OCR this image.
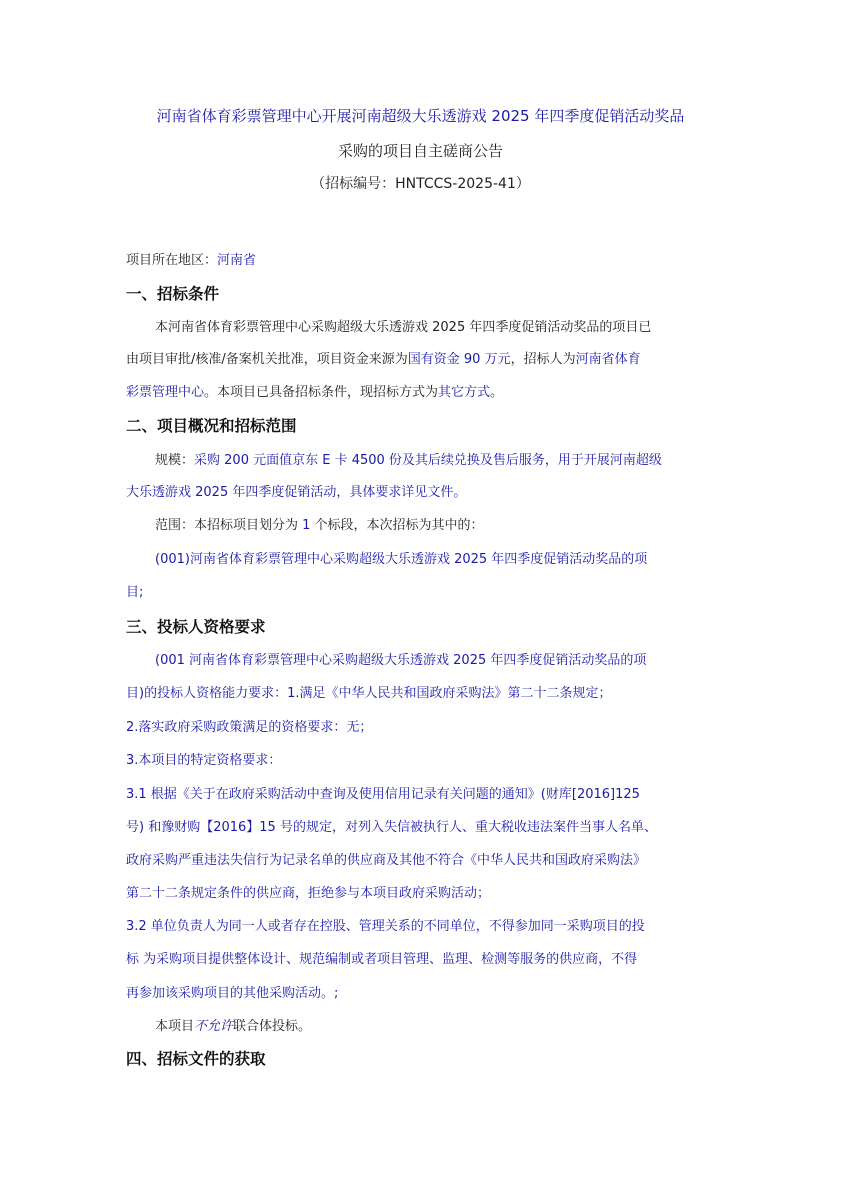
河南省体育彩票管理中心开展河南超级大乐透游戏 2025 年四季度促销活动奖品
采购的项目自主磋商公告
（招标编号：HNTCCS-2025-41）
项目所在地区：河南省
一、招标条件
本河南省体育彩票管理中心采购超级大乐透游戏 2025 年四季度促销活动奖品的项目已
由项目审批/核准/备案机关批准，项目资金来源为国有资金 90 万元，招标人为河南省体育
彩票管理中心。本项目已具备招标条件，现招标方式为其它方式。
二、项目概况和招标范围
规模：采购 200 元面值京东 E 卡 4500 份及其后续兑换及售后服务，用于开展河南超级
大乐透游戏 2025 年四季度促销活动，具体要求详见文件。
范围：本招标项目划分为 1 个标段，本次招标为其中的：
(001)河南省体育彩票管理中心采购超级大乐透游戏 2025 年四季度促销活动奖品的项
目;
三、投标人资格要求
(001 河南省体育彩票管理中心采购超级大乐透游戏 2025 年四季度促销活动奖品的项
目)的投标人资格能力要求：1.满足《中华人民共和国政府采购法》第二十二条规定；
2.落实政府采购政策满足的资格要求：无；
3.本项目的特定资格要求：
3.1 根据《关于在政府采购活动中查询及使用信用记录有关问题的通知》(财库[2016]125
号) 和豫财购【2016】15 号的规定，对列入失信被执行人、重大税收违法案件当事人名单、
政府采购严重违法失信行为记录名单的供应商及其他不符合《中华人民共和国政府采购法》
第二十二条规定条件的供应商，拒绝参与本项目政府采购活动；
3.2 单位负责人为同一人或者存在控股、管理关系的不同单位，不得参加同一采购项目的投
标 为采购项目提供整体设计、规范编制或者项目管理、监理、检测等服务的供应商，不得
再参加该采购项目的其他采购活动。;
本项目不允许联合体投标。
四、招标文件的获取
